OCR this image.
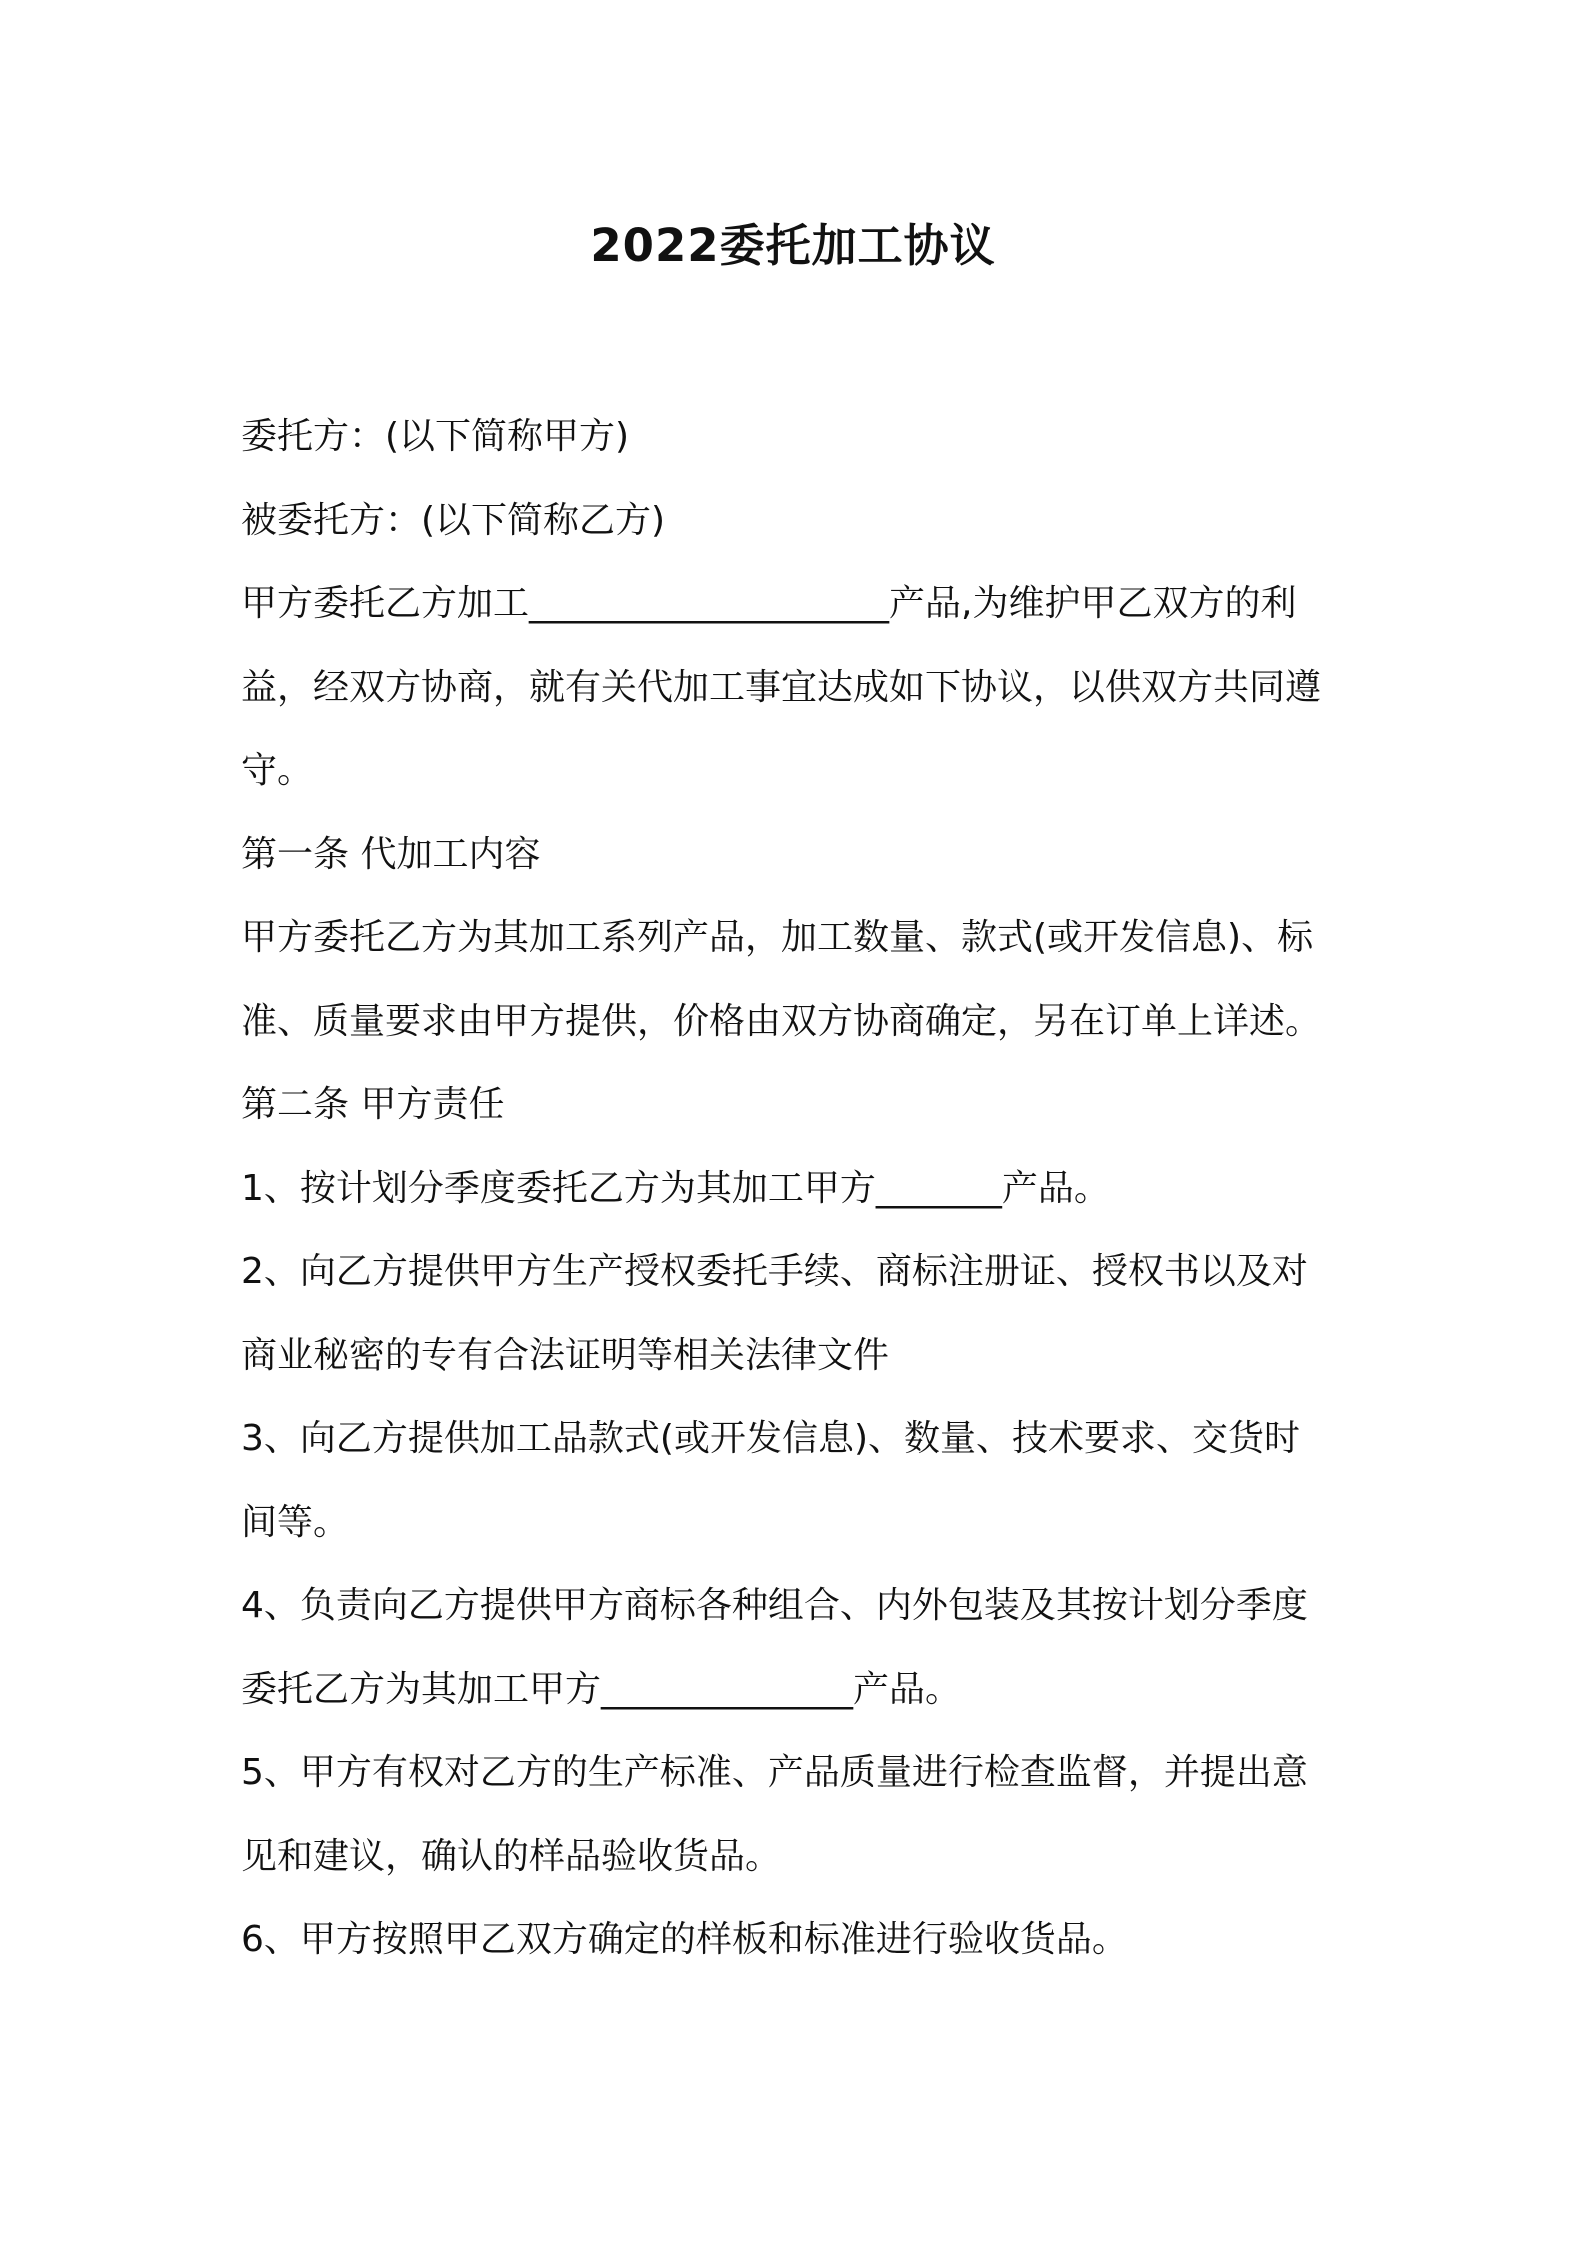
2022委托加工协议
委托方：(以下简称甲方)
被委托方：(以下简称乙方)
甲方委托乙方加工____________________产品,为维护甲乙双方的利
益，经双方协商，就有关代加工事宜达成如下协议，以供双方共同遵
守。
第一条 代加工内容
甲方委托乙方为其加工系列产品，加工数量、款式(或开发信息)、标
准、质量要求由甲方提供，价格由双方协商确定，另在订单上详述。
第二条 甲方责任
1、按计划分季度委托乙方为其加工甲方_______产品。
2、向乙方提供甲方生产授权委托手续、商标注册证、授权书以及对
商业秘密的专有合法证明等相关法律文件
3、向乙方提供加工品款式(或开发信息)、数量、技术要求、交货时
间等。
4、负责向乙方提供甲方商标各种组合、内外包装及其按计划分季度
委托乙方为其加工甲方______________产品。
5、甲方有权对乙方的生产标准、产品质量进行检查监督，并提出意
见和建议，确认的样品验收货品。
6、甲方按照甲乙双方确定的样板和标准进行验收货品。
